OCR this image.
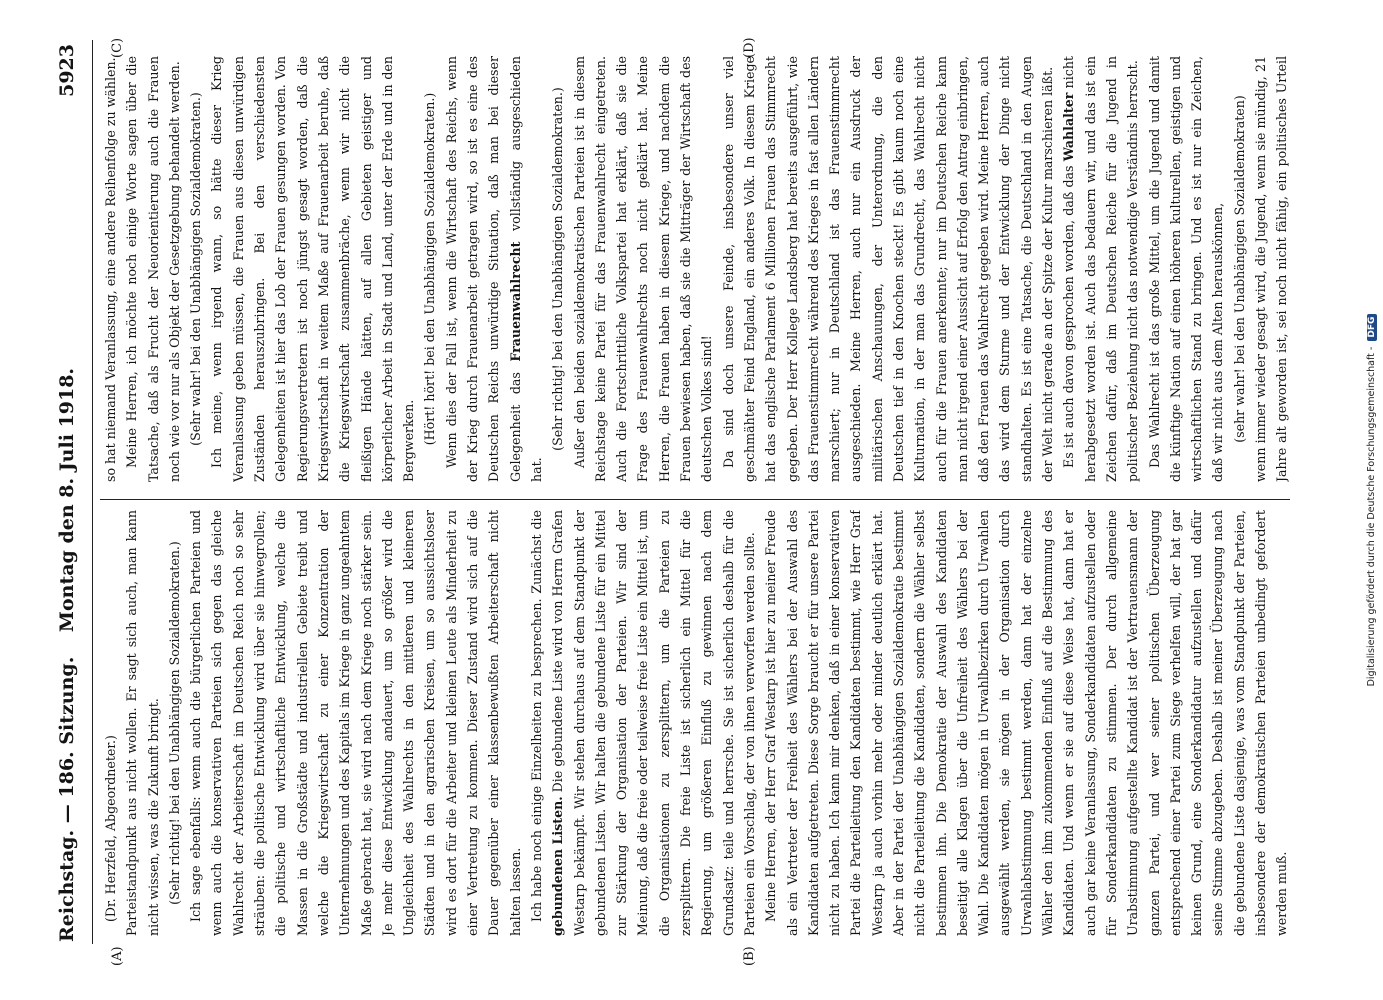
Reichstag. — 186. Sitzung.
Montag den 8. Juli 1918.
5923
(A)	(B)
(C)	(D)

(Dr. Herzfeld, Abgeordneter.) Parteistandpunkt aus nicht wollen. Er sagt sich auch, man kann nicht wissen, was die Zukunft bringt. (Sehr richtig! bei den Unabhängigen Sozialdemokraten.) Ich sage ebenfalls: wenn auch die bürgerlichen Parteien und wenn auch die konservativen Parteien sich gegen das gleiche Wahlrecht der Arbeiterschaft im Deutschen Reich noch so sehr sträuben: die politische Entwicklung wird über sie hinwegrollen; die politische und wirtschaftliche Entwicklung, welche die Massen in die Großstädte und industriellen Gebiete treibt und welche die Kriegswirtschaft zu einer Konzentration der Unternehmungen und des Kapitals im Kriege in ganz ungeahntem Maße gebracht hat, sie wird nach dem Kriege noch stärker sein. Je mehr diese Entwicklung andauert, um so größer wird die Ungleichheit des Wahlrechts in den mittleren und kleineren Städten und in den agrarischen Kreisen, um so aussichtsloser wird es dort für die Arbeiter und kleinen Leute als Minderheit zu einer Vertretung zu kommen. Dieser Zustand wird sich auf die Dauer gegenüber einer klassenbewußten Arbeiterschaft nicht halten lassen. Ich habe noch einige Einzelheiten zu besprechen. Zunächst die gebundenen Listen. Die gebundene Liste wird von Herrn Grafen Westarp bekämpft. Wir stehen durchaus auf dem Standpunkt der gebundenen Listen. Wir halten die gebundene Liste für ein Mittel zur Stärkung der Organisation der Parteien. Wir sind der Meinung, daß die freie oder teilweise freie Liste ein Mittel ist, um die Organisationen zu zersplittern, um die Parteien zu zersplittern. Die freie Liste ist sicherlich ein Mittel für die Regierung, um größeren Einfluß zu gewinnen nach dem Grundsatz: teile und herrsche. Sie ist sicherlich deshalb für die Parteien ein Vorschlag, der von ihnen verworfen werden sollte. Meine Herren, der Herr Graf Westarp ist hier zu meiner Freude als ein Vertreter der Freiheit des Wählers bei der Auswahl des Kandidaten aufgetreten. Diese Sorge braucht er für unsere Partei nicht zu haben. Ich kann mir denken, daß in einer konservativen Partei die Parteileitung den Kandidaten bestimmt, wie Herr Graf Westarp ja auch vorhin mehr oder minder deutlich erklärt hat. Aber in der Partei der Unabhängigen Sozialdemokratie bestimmt nicht die Parteileitung die Kandidaten, sondern die Wähler selbst bestimmen ihn. Die Demokratie der Auswahl des Kandidaten beseitigt alle Klagen über die Unfreiheit des Wählers bei der Wahl. Die Kandidaten mögen in Urwahlbezirken durch Urwahlen ausgewählt werden, sie mögen in der Organisation durch Urwahlabstimmung bestimmt werden, dann hat der einzelne Wähler den ihm zukommenden Einfluß auf die Bestimmung des Kandidaten. Und wenn er sie auf diese Weise hat, dann hat er auch gar keine Veranlassung, Sonderkandidaten aufzustellen oder für Sonderkandidaten zu stimmen. Der durch allgemeine Urabstimmung aufgestellte Kandidat ist der Vertrauensmann der ganzen Partei, und wer seiner politischen Überzeugung entsprechend einer Partei zum Siege verhelfen will, der hat gar keinen Grund, eine Sonderkandidatur aufzustellen und dafür seine Stimme abzugeben. Deshalb ist meiner Überzeugung nach die gebundene Liste dasjenige, was vom Standpunkt der Parteien, insbesondere der demokratischen Parteien unbedingt gefordert werden muß.

so hat niemand Veranlassung, eine andere Reihenfolge zu wählen. Meine Herren, ich möchte noch einige Worte sagen über die Tatsache, daß als Frucht der Neuorientierung auch die Frauen noch wie vor nur als Objekt der Gesetzgebung behandelt werden. (Sehr wahr! bei den Unabhängigen Sozialdemokraten.) Ich meine, wenn irgend wann, so hätte dieser Krieg Veranlassung geben müssen, die Frauen aus diesen unwürdigen Zuständen herauszubringen. Bei den verschiedensten Gelegenheiten ist hier das Lob der Frauen gesungen worden. Von Regierungsvertretern ist noch jüngst gesagt worden, daß die Kriegswirtschaft in weitem Maße auf Frauenarbeit beruhe, daß die Kriegswirtschaft zusammenbräche, wenn wir nicht die fleißigen Hände hätten, auf allen Gebieten geistiger und körperlicher Arbeit in Stadt und Land, unter der Erde und in den Bergwerken. (Hört! hört! bei den Unabhängigen Sozialdemokraten.) Wenn dies der Fall ist, wenn die Wirtschaft des Reichs, wenn der Krieg durch Frauenarbeit getragen wird, so ist es eine des Deutschen Reichs unwürdige Situation, daß man bei dieser Gelegenheit das Frauenwahlrecht vollständig ausgeschieden hat.

(Sehr richtig! bei den Unabhängigen Sozialdemokraten.) Außer den beiden sozialdemokratischen Parteien ist in diesem Reichstage keine Partei für das Frauenwahlrecht eingetreten. Auch die Fortschrittliche Volkspartei hat erklärt, daß sie die Frage des Frauenwahlrechts noch nicht geklärt hat. Meine Herren, die Frauen haben in diesem Kriege, und nachdem die Frauen bewiesen haben, daß sie die Mitträger der Wirtschaft des deutschen Volkes sind! Da sind doch unsere Feinde, insbesondere unser viel geschmähter Feind England, ein anderes Volk. In diesem Kriege hat das englische Parlament 6 Millionen Frauen das Stimmrecht gegeben. Der Herr Kollege Landsberg hat bereits ausgeführt, wie das Frauenstimmrecht während des Krieges in fast allen Ländern marschiert; nur in Deutschland ist das Frauenstimmrecht ausgeschieden. Meine Herren, auch nur ein Ausdruck der militärischen Anschauungen, der Unterordnung, die den Deutschen tief in den Knochen steckt! Es gibt kaum noch eine Kulturnation, in der man das Grundrecht, das Wahlrecht nicht auch für die Frauen anerkennte; nur im Deutschen Reiche kann man nicht irgend einer Aussicht auf Erfolg den Antrag einbringen, daß den Frauen das Wahlrecht gegeben wird. Meine Herren, auch das wird dem Sturme und der Entwicklung der Dinge nicht standhalten. Es ist eine Tatsache, die Deutschland in den Augen der Welt nicht gerade an der Spitze der Kultur marschieren läßt. Es ist auch davon gesprochen worden, daß das Wahlalter nicht herabgesetzt worden ist. Auch das bedauern wir, und das ist ein Zeichen dafür, daß im Deutschen Reiche für die Jugend in politischer Beziehung nicht das notwendige Verständnis herrscht. Das Wahlrecht ist das große Mittel, um die Jugend und damit die künftige Nation auf einen höheren kulturellen, geistigen und wirtschaftlichen Stand zu bringen. Und es ist nur ein Zeichen, daß wir nicht aus dem Alten herauskönnen, (sehr wahr! bei den Unabhängigen Sozialdemokraten)

wenn immer wieder gesagt wird, die Jugend, wenn sie mündig, 21 Jahre alt geworden ist, sei noch nicht fähig, ein politisches Urteil

Digitalisierung gefördert durch die Deutsche Forschungsgemeinschaft -DFG
